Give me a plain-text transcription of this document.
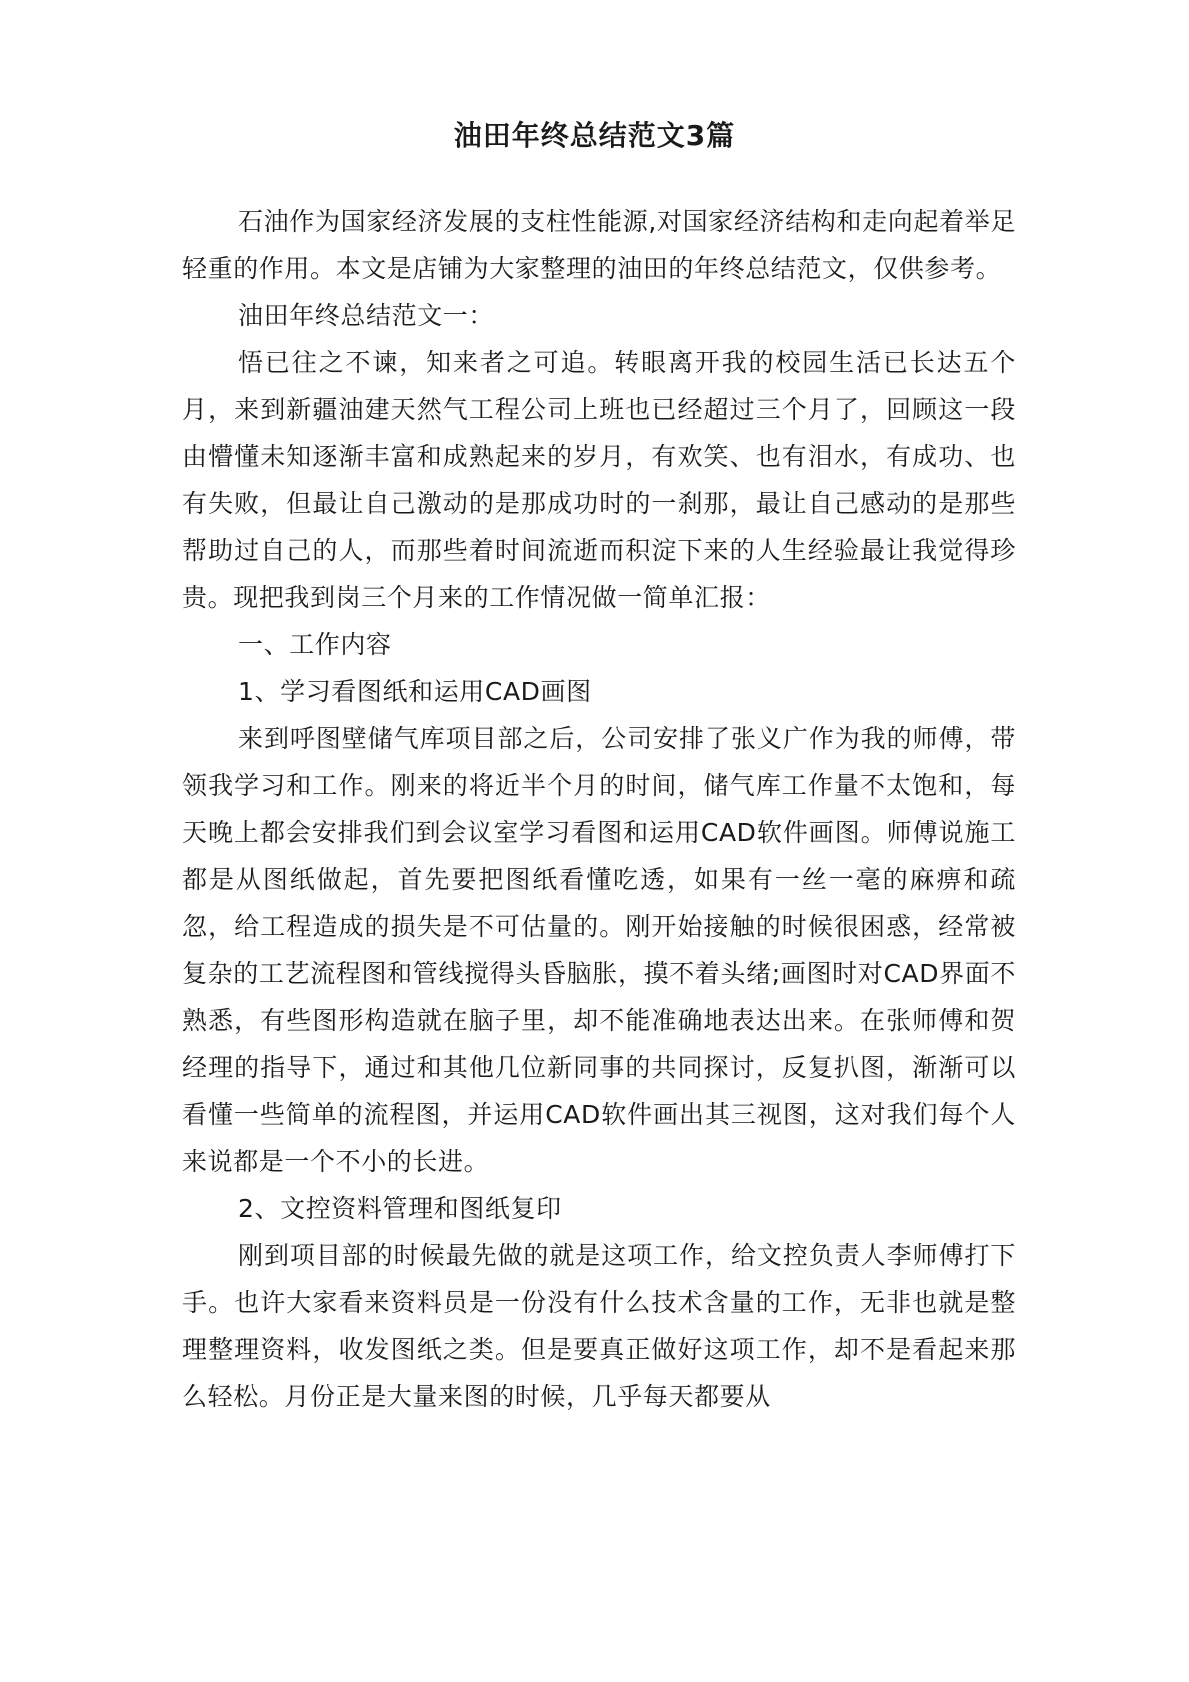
油田年终总结范文3篇

石油作为国家经济发展的支柱性能源,对国家经济结构和走向起着举足轻重的作用。本文是店铺为大家整理的油田的年终总结范文，仅供参考。

油田年终总结范文一：

悟已往之不谏，知来者之可追。转眼离开我的校园生活已长达五个月，来到新疆油建天然气工程公司上班也已经超过三个月了，回顾这一段由懵懂未知逐渐丰富和成熟起来的岁月，有欢笑、也有泪水，有成功、也有失败，但最让自己激动的是那成功时的一刹那，最让自己感动的是那些帮助过自己的人，而那些着时间流逝而积淀下来的人生经验最让我觉得珍贵。现把我到岗三个月来的工作情况做一简单汇报：

一、工作内容

1、学习看图纸和运用CAD画图

来到呼图壁储气库项目部之后，公司安排了张义广作为我的师傅，带领我学习和工作。刚来的将近半个月的时间，储气库工作量不太饱和，每天晚上都会安排我们到会议室学习看图和运用CAD软件画图。师傅说施工都是从图纸做起，首先要把图纸看懂吃透，如果有一丝一毫的麻痹和疏忽，给工程造成的损失是不可估量的。刚开始接触的时候很困惑，经常被复杂的工艺流程图和管线搅得头昏脑胀，摸不着头绪;画图时对CAD界面不熟悉，有些图形构造就在脑子里，却不能准确地表达出来。在张师傅和贺经理的指导下，通过和其他几位新同事的共同探讨，反复扒图，渐渐可以看懂一些简单的流程图，并运用CAD软件画出其三视图，这对我们每个人来说都是一个不小的长进。

2、文控资料管理和图纸复印

刚到项目部的时候最先做的就是这项工作，给文控负责人李师傅打下手。也许大家看来资料员是一份没有什么技术含量的工作，无非也就是整理整理资料，收发图纸之类。但是要真正做好这项工作，却不是看起来那么轻松。月份正是大量来图的时候，几乎每天都要从
